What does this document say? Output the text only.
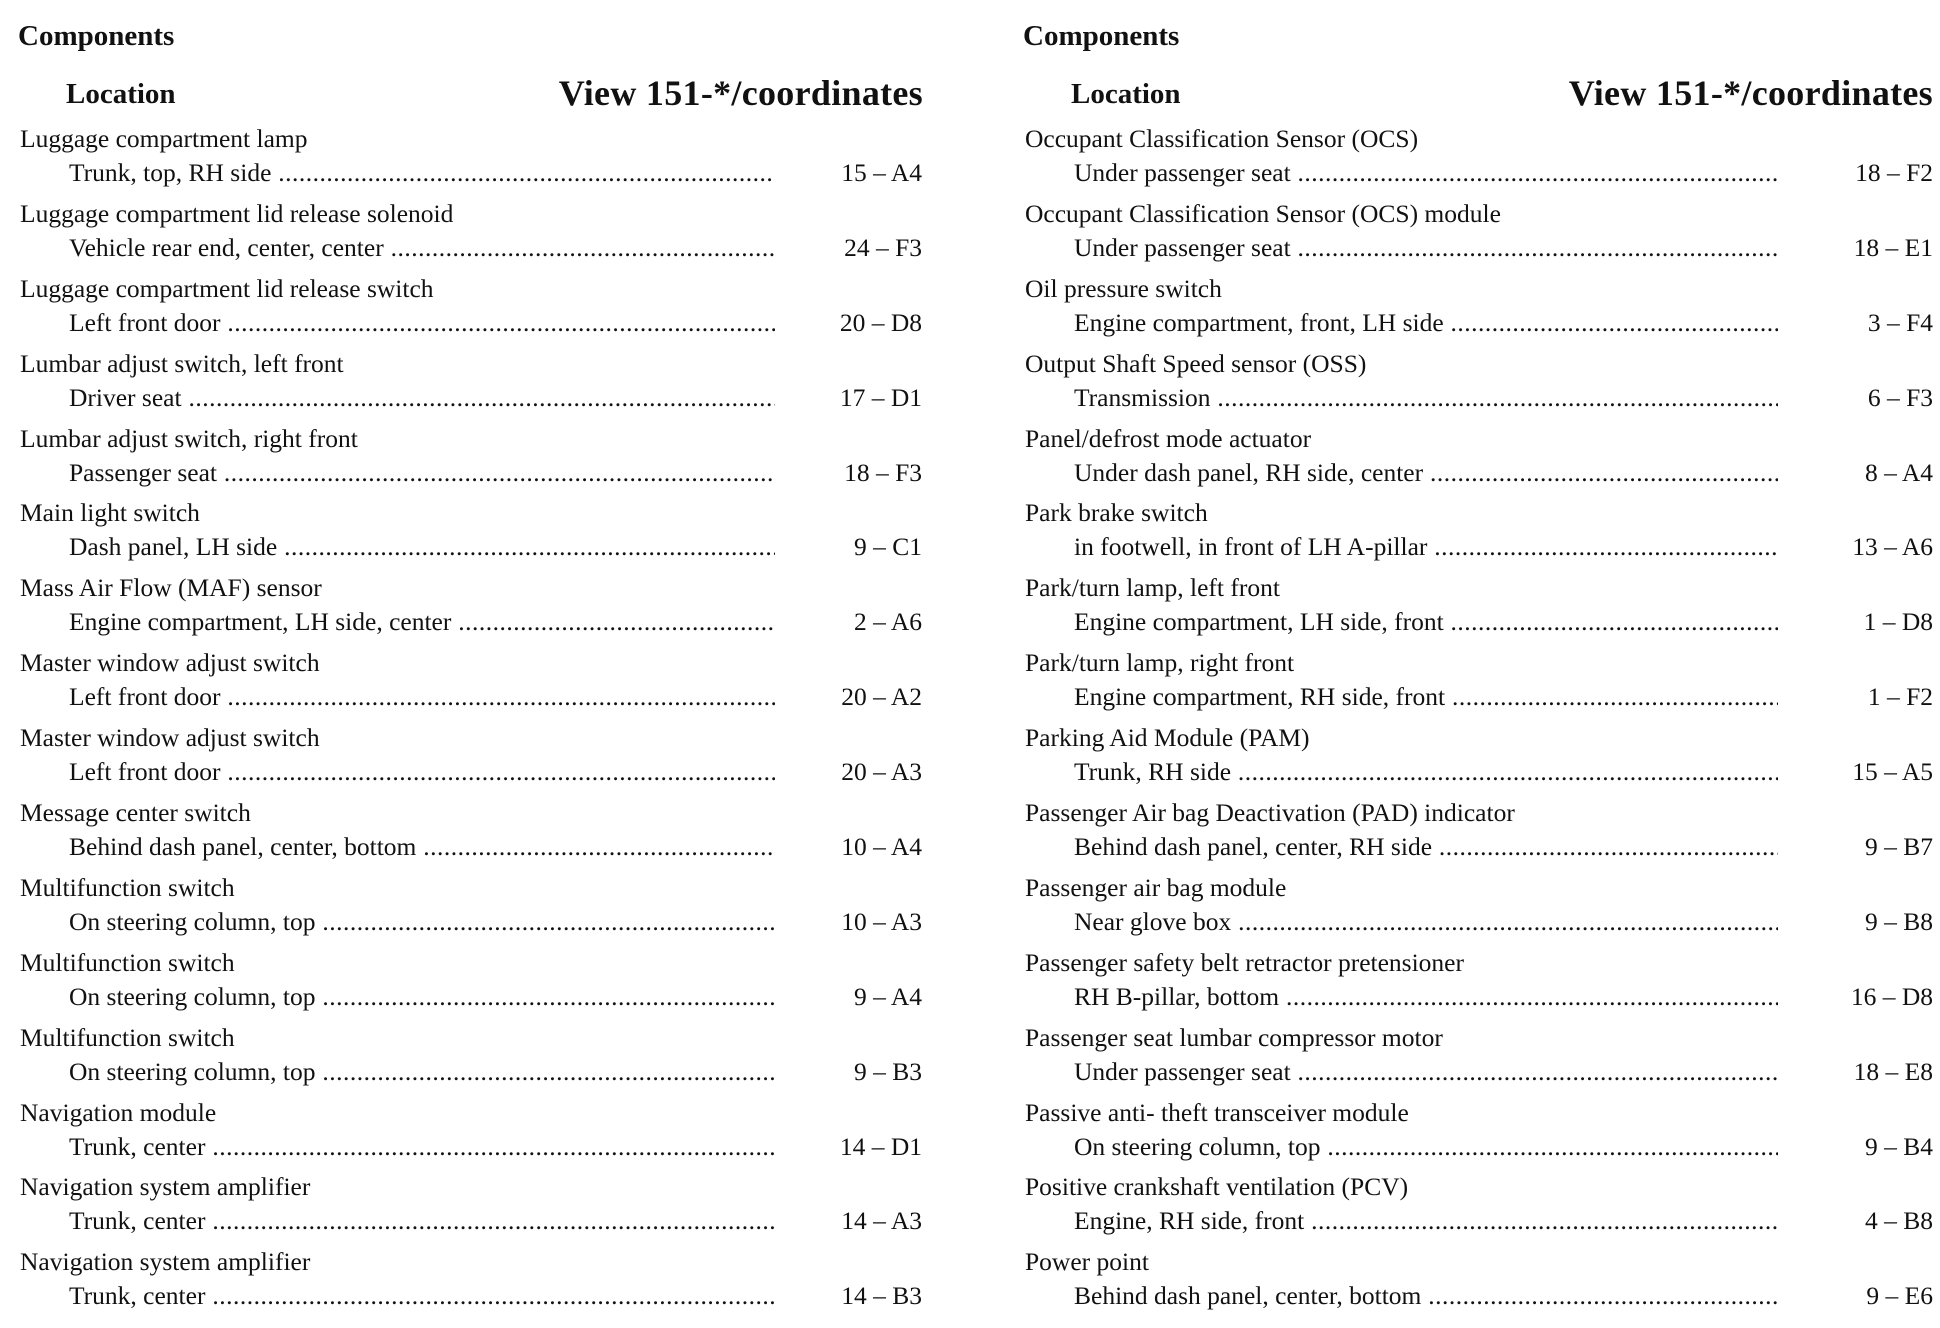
Components
Location	View 151-*/coordinates
Luggage compartment lamp
Trunk, top, RH side .....	15 – A4
Luggage compartment lid release solenoid
Vehicle rear end, center, center .....	24 – F3
Luggage compartment lid release switch
Left front door .....	20 – D8
Lumbar adjust switch, left front
Driver seat .....	17 – D1
Lumbar adjust switch, right front
Passenger seat .....	18 – F3
Main light switch
Dash panel, LH side .....	9 – C1
Mass Air Flow (MAF) sensor
Engine compartment, LH side, center .....	2 – A6
Master window adjust switch
Left front door .....	20 – A2
Master window adjust switch
Left front door .....	20 – A3
Message center switch
Behind dash panel, center, bottom .....	10 – A4
Multifunction switch
On steering column, top .....	10 – A3
Multifunction switch
On steering column, top .....	9 – A4
Multifunction switch
On steering column, top .....	9 – B3
Navigation module
Trunk, center .....	14 – D1
Navigation system amplifier
Trunk, center .....	14 – A3
Navigation system amplifier
Trunk, center .....	14 – B3
Components
Location	View 151-*/coordinates
Occupant Classification Sensor (OCS)
Under passenger seat .....	18 – F2
Occupant Classification Sensor (OCS) module
Under passenger seat .....	18 – E1
Oil pressure switch
Engine compartment, front, LH side .....	3 – F4
Output Shaft Speed sensor (OSS)
Transmission .....	6 – F3
Panel/defrost mode actuator
Under dash panel, RH side, center .....	8 – A4
Park brake switch
in footwell, in front of LH A-pillar .....	13 – A6
Park/turn lamp, left front
Engine compartment, LH side, front .....	1 – D8
Park/turn lamp, right front
Engine compartment, RH side, front .....	1 – F2
Parking Aid Module (PAM)
Trunk, RH side .....	15 – A5
Passenger Air bag Deactivation (PAD) indicator
Behind dash panel, center, RH side .....	9 – B7
Passenger air bag module
Near glove box .....	9 – B8
Passenger safety belt retractor pretensioner
RH B-pillar, bottom .....	16 – D8
Passenger seat lumbar compressor motor
Under passenger seat .....	18 – E8
Passive anti- theft transceiver module
On steering column, top .....	9 – B4
Positive crankshaft ventilation (PCV)
Engine, RH side, front .....	4 – B8
Power point
Behind dash panel, center, bottom .....	9 – E6
